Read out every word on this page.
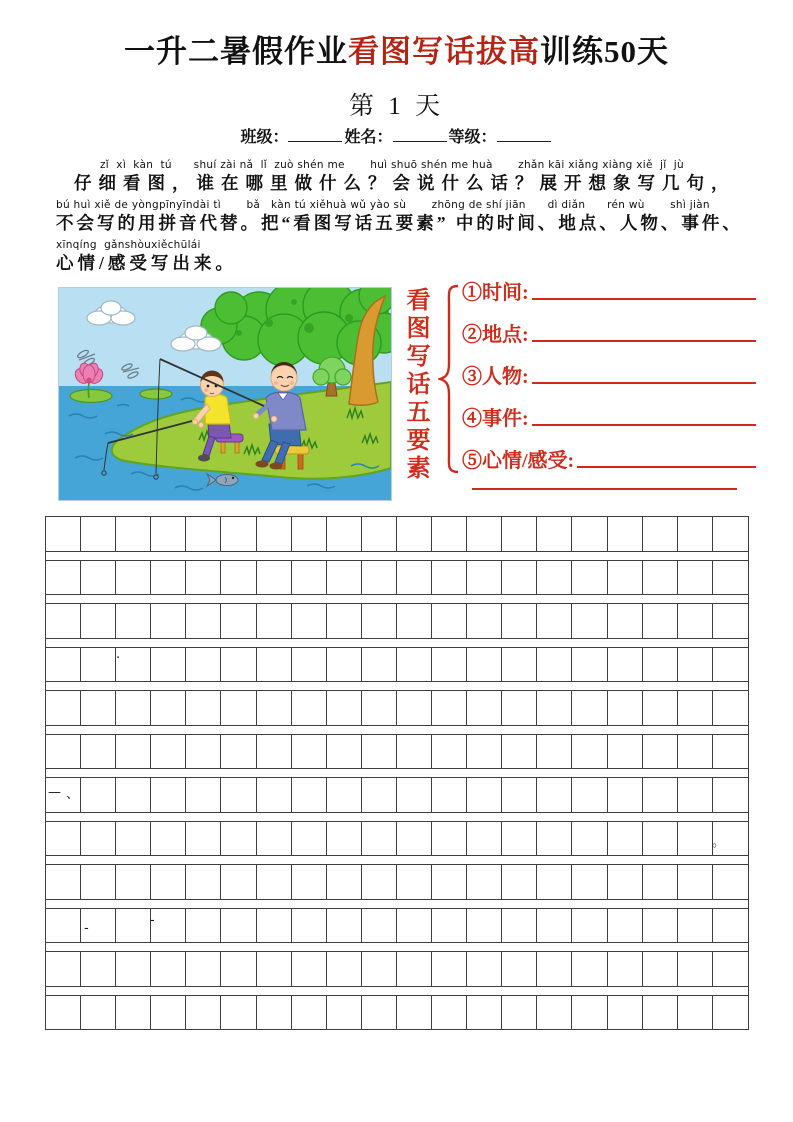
一升二暑假作业看图写话拔高训练50天
第 1 天
班级：	姓名：	等级：
zǐ  xì  kàn  tú      shuí zài nǎ  lǐ  zuò shén me       huì shuō shén me huà       zhǎn kāi xiǎng xiàng xiě  jǐ  jù
仔细看图，谁在哪里做什么？会说什么话？展开想象写几句，
bú huì xiě de yòngpīnyīndài tì       bǎ   kàn tú xiěhuà wǔ yào sù       zhōng de shí jiān      dì diǎn      rén wù       shì jiàn
不会写的用拼音代替。把“看图写话五要素” 中的时间、地点、人物、事件、
xīnqíng  gǎnshòuxiěchūlái
心情/感受写出来。
看图写话五要素
①时间:
②地点:
③人物:
④事件:
⑤心情/感受:
·
— 、
。
-
-
